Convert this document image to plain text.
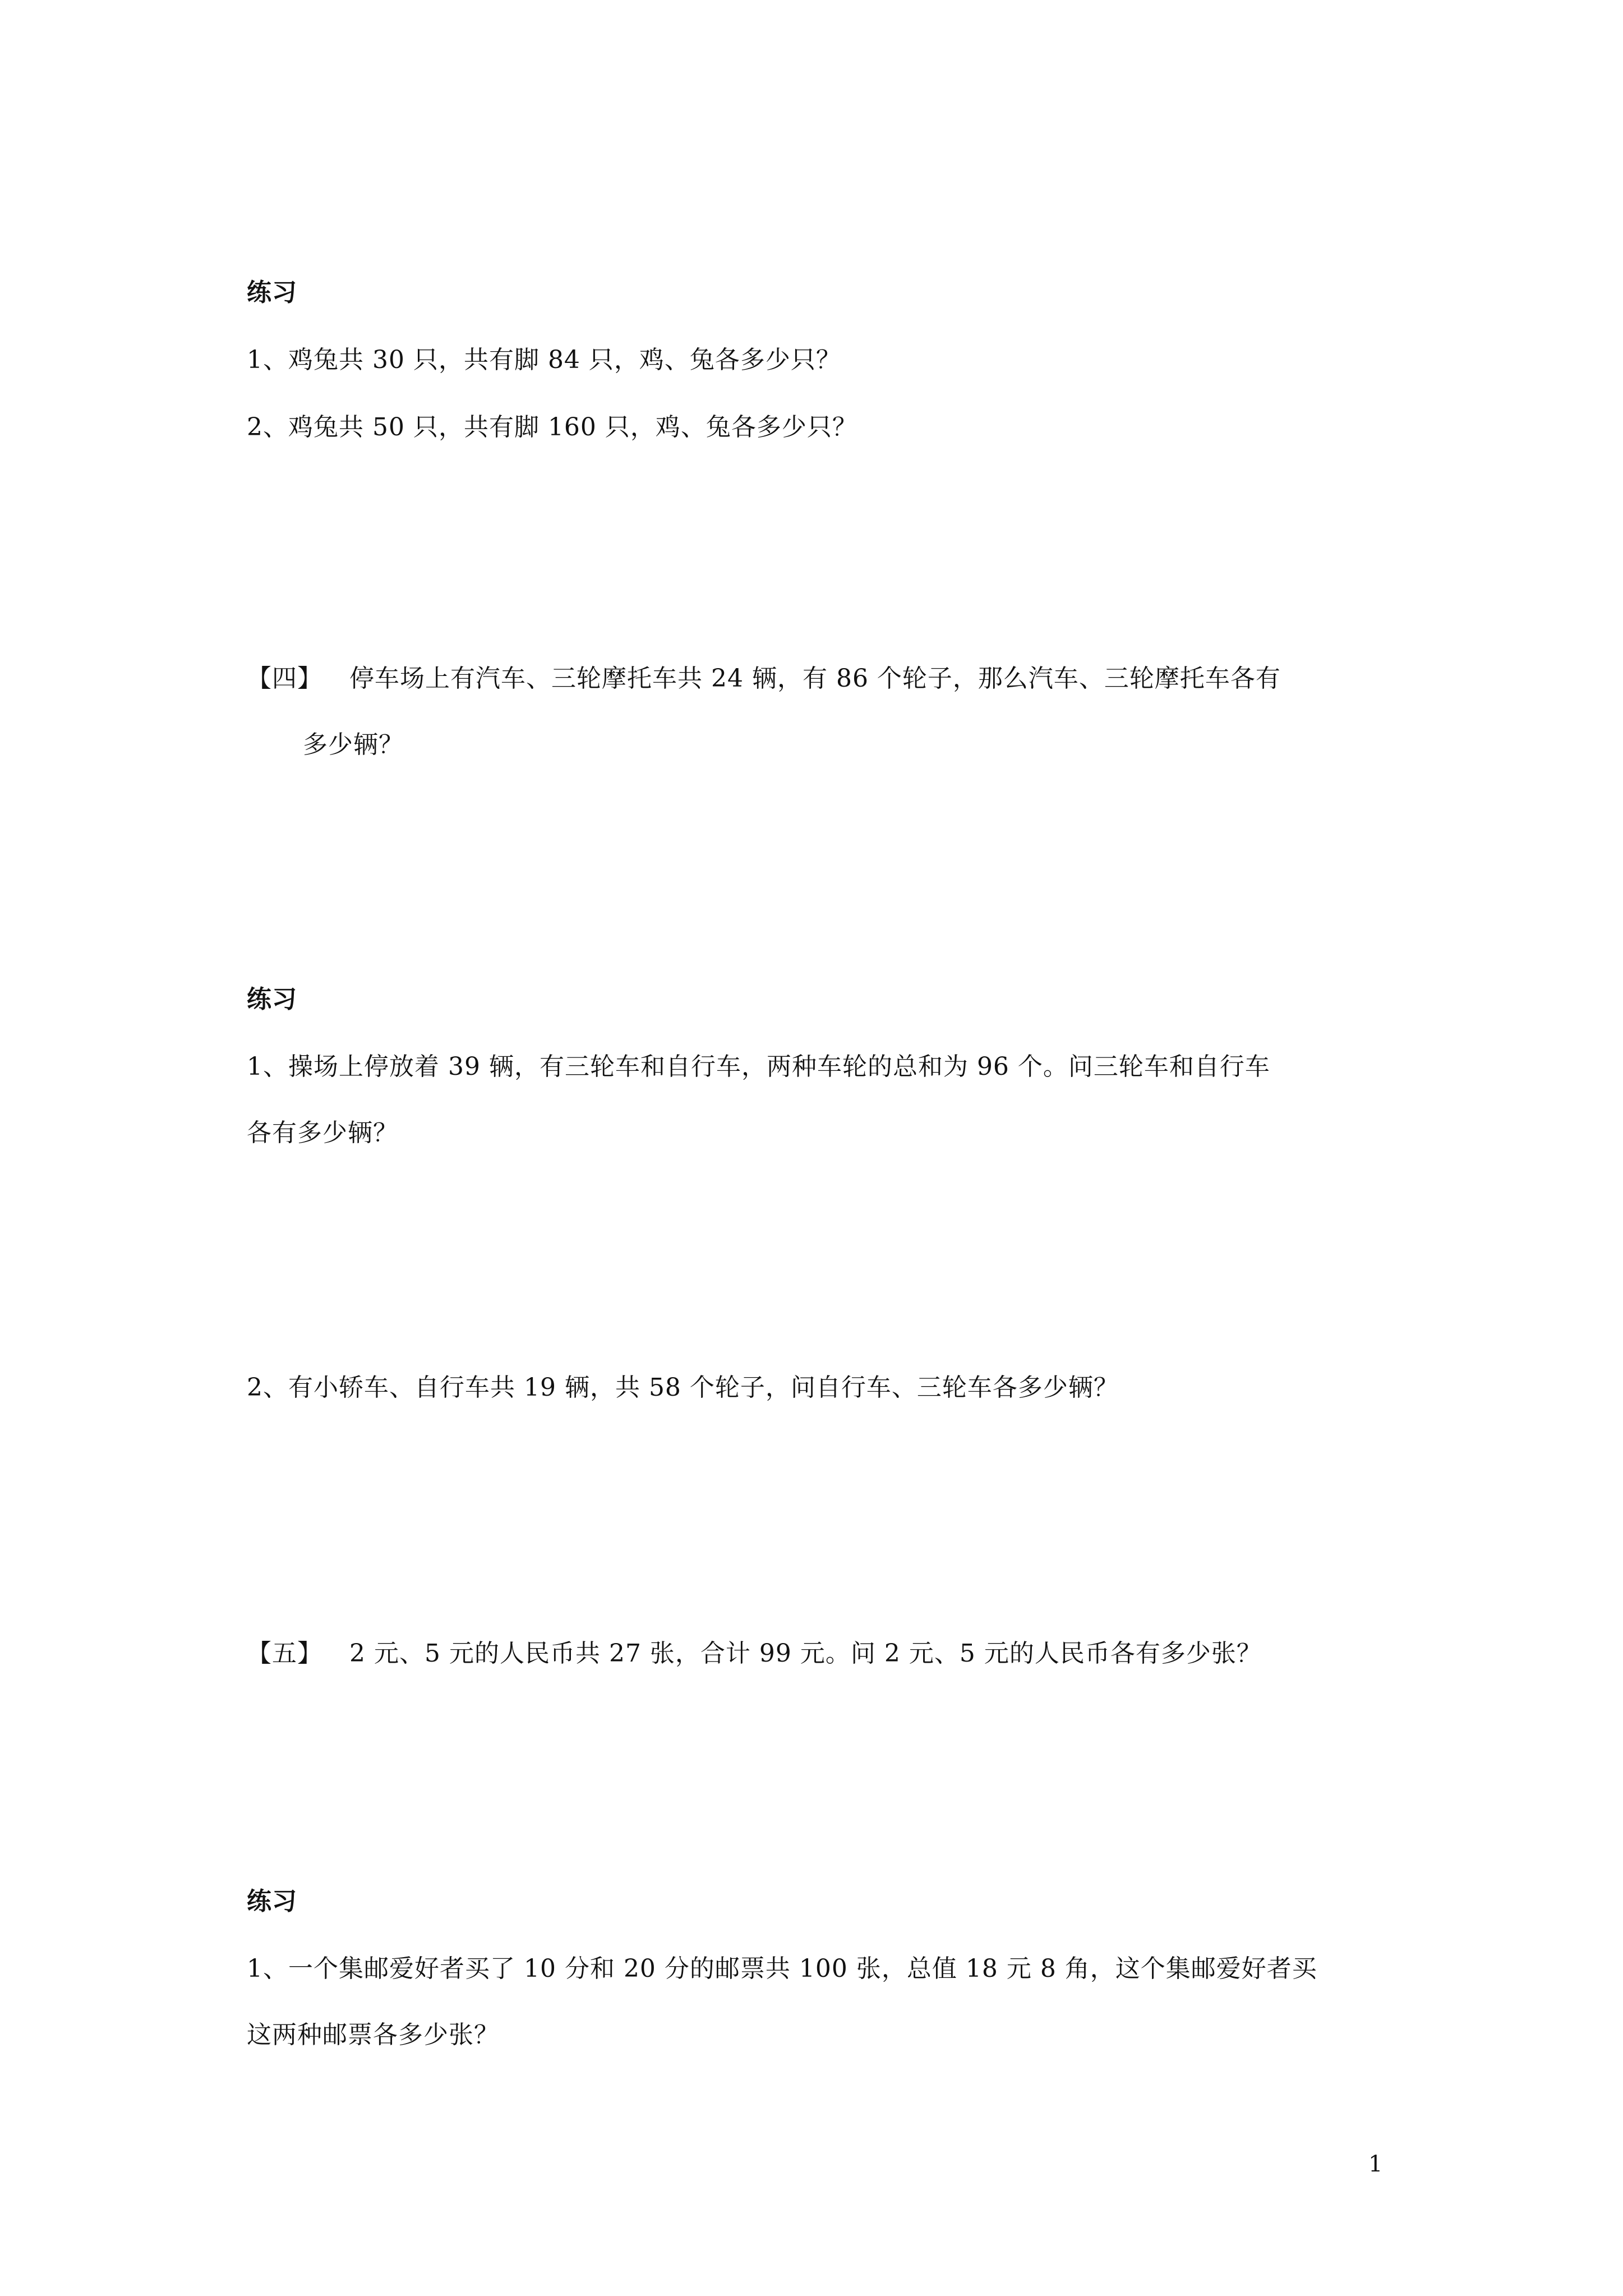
练习
1、鸡兔共 30 只，共有脚 84 只，鸡、兔各多少只？
2、鸡兔共 50 只，共有脚 160 只，鸡、兔各多少只？
【四】 停车场上有汽车、三轮摩托车共 24 辆，有 86 个轮子，那么汽车、三轮摩托车各有
多少辆？
练习
1、操场上停放着 39 辆，有三轮车和自行车，两种车轮的总和为 96 个。问三轮车和自行车
各有多少辆？
2、有小轿车、自行车共 19 辆，共 58 个轮子，问自行车、三轮车各多少辆？
【五】 2 元、5 元的人民币共 27 张，合计 99 元。问 2 元、5 元的人民币各有多少张？
练习
1、一个集邮爱好者买了 10 分和 20 分的邮票共 100 张，总值 18 元 8 角，这个集邮爱好者买
这两种邮票各多少张？
1
